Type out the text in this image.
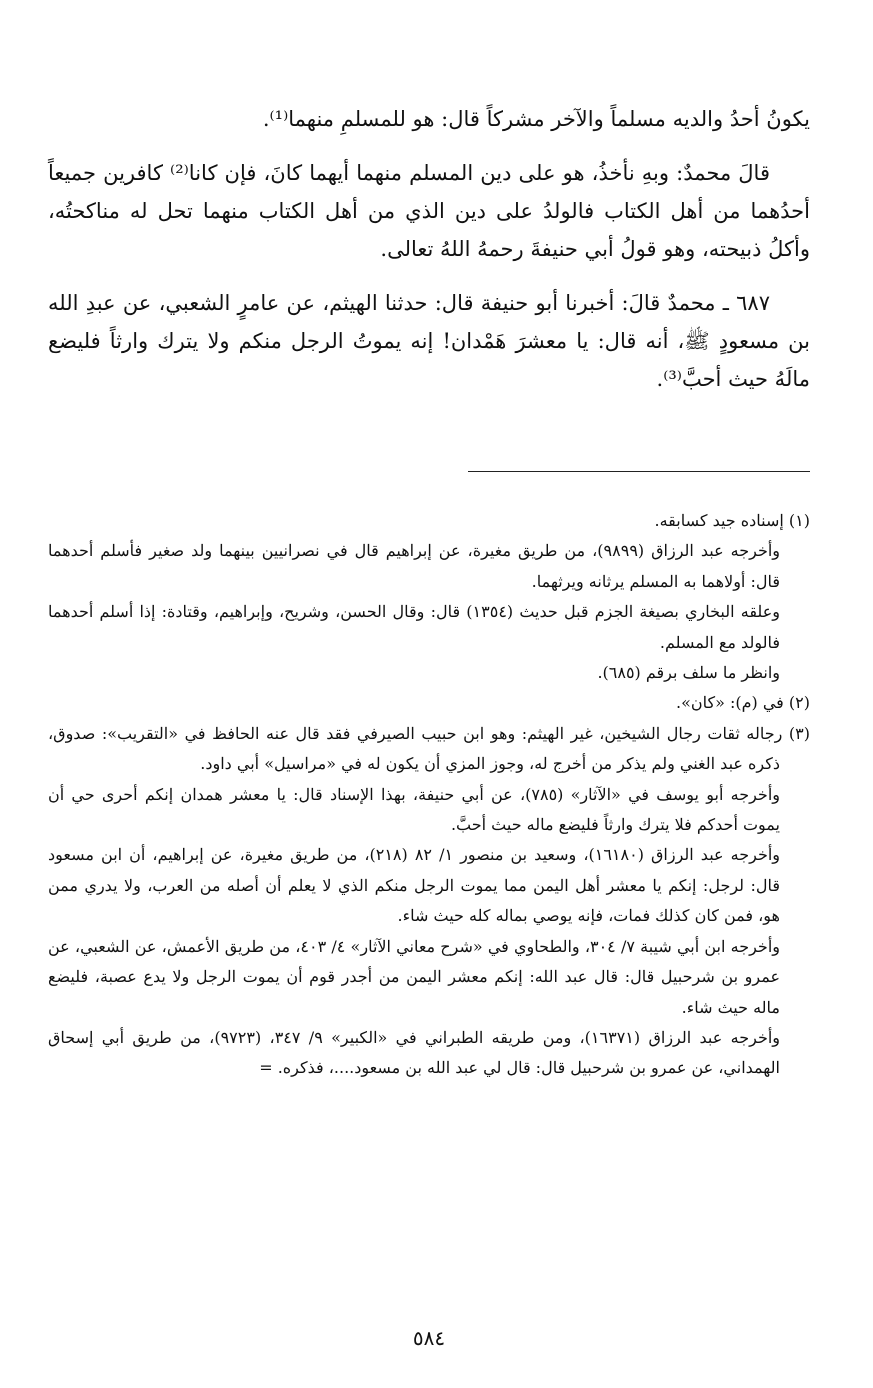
يكونُ أحدُ والديه مسلماً والآخر مشركاً قال: هو للمسلمِ منهما⁽¹⁾.

قالَ محمدٌ: وبهِ نأخذُ، هو على دين المسلم منهما أيهما كانَ، فإن كانا⁽²⁾ كافرين جميعاً أحدُهما من أهل الكتاب فالولدُ على دين الذي من أهل الكتاب منهما تحل له مناكحتُه، وأكلُ ذبيحته، وهو قولُ أبي حنيفةَ رحمهُ اللهُ تعالى.

٦٨٧ ـ محمدٌ قالَ: أخبرنا أبو حنيفة قال: حدثنا الهيثم، عن عامرٍ الشعبي، عن عبدِ الله بن مسعودٍ ﷺ، أنه قال: يا معشرَ هَمْدان! إنه يموتُ الرجل منكم ولا يترك وارثاً فليضع مالَهُ حيث أحبَّ⁽³⁾.

(١) إسناده جيد كسابقه.

وأخرجه عبد الرزاق (٩٨٩٩)، من طريق مغيرة، عن إبراهيم قال في نصرانيين بينهما ولد صغير فأسلم أحدهما قال: أولاهما به المسلم يرثانه ويرثهما.

وعلقه البخاري بصيغة الجزم قبل حديث (١٣٥٤) قال: وقال الحسن، وشريح، وإبراهيم، وقتادة: إذا أسلم أحدهما فالولد مع المسلم.

وانظر ما سلف برقم (٦٨٥).

(٢) في (م): «كان».

(٣) رجاله ثقات رجال الشيخين، غير الهيثم: وهو ابن حبيب الصيرفي فقد قال عنه الحافظ في «التقريب»: صدوق، ذكره عبد الغني ولم يذكر من أخرج له، وجوز المزي أن يكون له في «مراسيل» أبي داود.

وأخرجه أبو يوسف في «الآثار» (٧٨٥)، عن أبي حنيفة، بهذا الإسناد قال: يا معشر همدان إنكم أحرى حي أن يموت أحدكم فلا يترك وارثاً فليضع ماله حيث أحبَّ.

وأخرجه عبد الرزاق (١٦١٨٠)، وسعيد بن منصور ١/ ٨٢ (٢١٨)، من طريق مغيرة، عن إبراهيم، أن ابن مسعود قال: لرجل: إنكم يا معشر أهل اليمن مما يموت الرجل منكم الذي لا يعلم أن أصله من العرب، ولا يدري ممن هو، فمن كان كذلك فمات، فإنه يوصي بماله كله حيث شاء.

وأخرجه ابن أبي شيبة ٧/ ٣٠٤، والطحاوي في «شرح معاني الآثار» ٤/ ٤٠٣، من طريق الأعمش، عن الشعبي، عن عمرو بن شرحبيل قال: قال عبد الله: إنكم معشر اليمن من أجدر قوم أن يموت الرجل ولا يدع عصبة، فليضع ماله حيث شاء.

وأخرجه عبد الرزاق (١٦٣٧١)، ومن طريقه الطبراني في «الكبير» ٩/ ٣٤٧، (٩٧٢٣)، من طريق أبي إسحاق الهمداني، عن عمرو بن شرحبيل قال: قال لي عبد الله بن مسعود....، فذكره. =

٥٨٤
